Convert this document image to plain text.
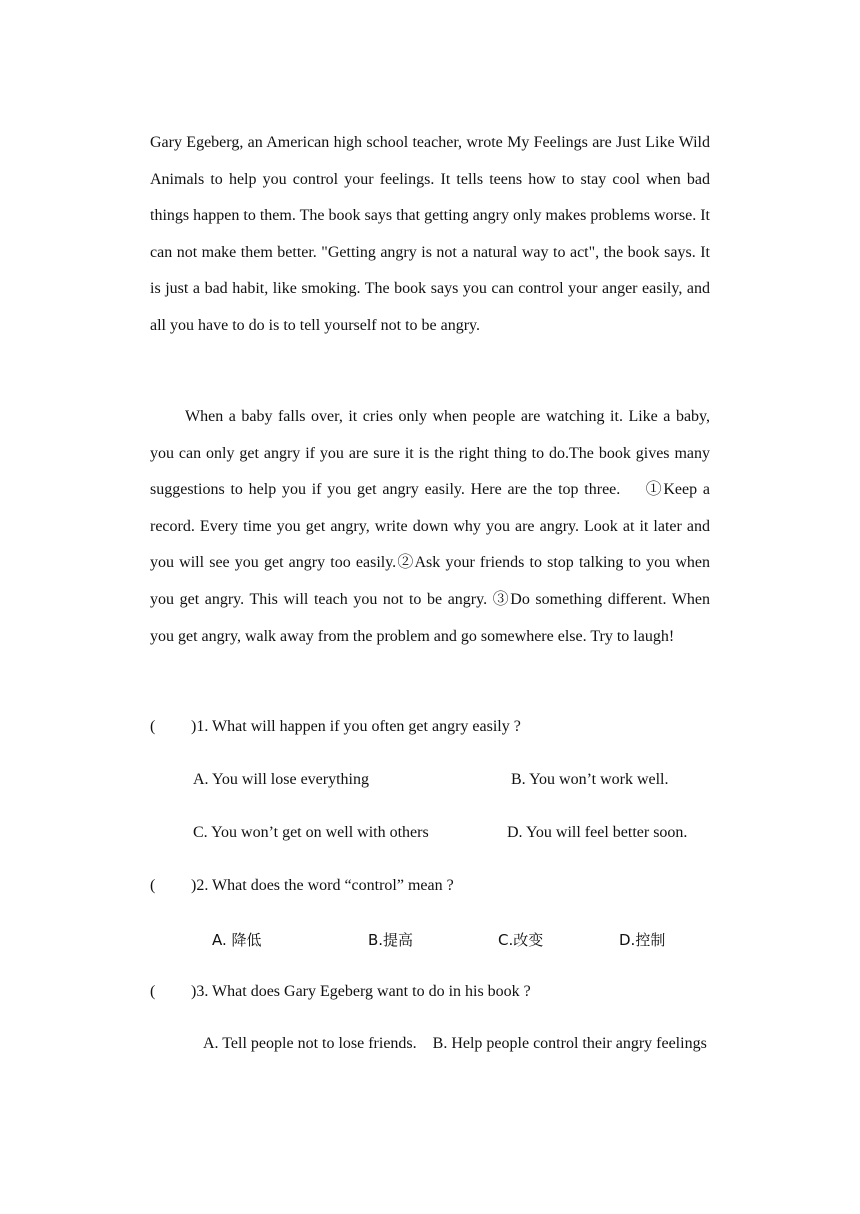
Gary Egeberg, an American high school teacher, wrote My Feelings are Just Like Wild Animals to help you control your feelings. It tells teens how to stay cool when bad things happen to them. The book says that getting angry only makes problems worse. It can not make them better. "Getting angry is not a natural way to act", the book says. It is just a bad habit, like smoking. The book says you can control your anger easily, and all you have to do is to tell yourself not to be angry.

When a baby falls over, it cries only when people are watching it. Like a baby, you can only get angry if you are sure it is the right thing to do.The book gives many suggestions to help you if you get angry easily. Here are the top three.　 ①Keep a record. Every time you get angry, write down why you are angry. Look at it later and you will see you get angry too easily.②Ask your friends to stop talking to you when you get angry. This will teach you not to be angry. ③Do something different. When you get angry, walk away from the problem and go somewhere else. Try to laugh!

( )1. What will happen if you often get angry easily ?
A. You will lose everything	B. You won’t work well.
C. You won’t get on well with others	D. You will feel better soon.
( )2. What does the word “control” mean ?
A. 降低	B.提高	C.改变	D.控制
( )3. What does Gary Egeberg want to do in his book ?

A. Tell people not to lose friends.　B. Help people control their angry feelings
